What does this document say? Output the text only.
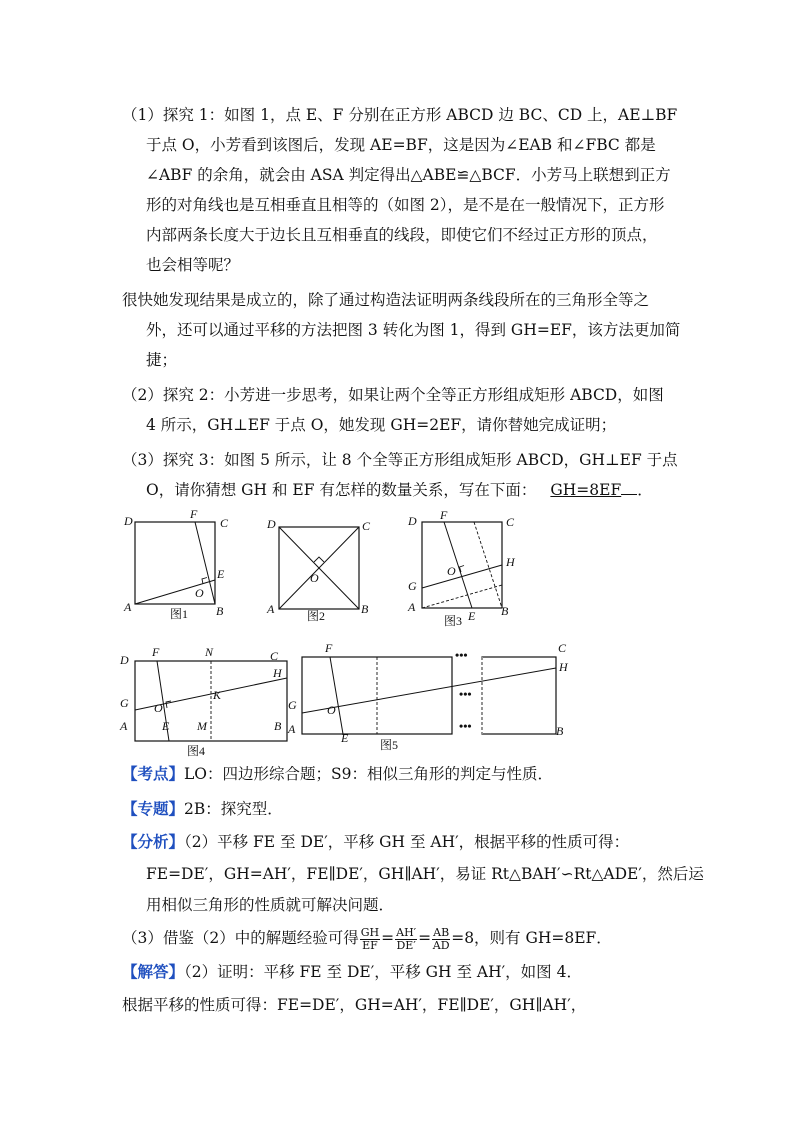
（1）探究 1：如图 1，点 E、F 分别在正方形 ABCD 边 BC、CD 上，AE⊥BF
于点 O，小芳看到该图后，发现 AE=BF，这是因为∠EAB 和∠FBC 都是
∠ABF 的余角，就会由 ASA 判定得出△ABE≌△BCF．小芳马上联想到正方
形的对角线也是互相垂直且相等的（如图 2），是不是在一般情况下，正方形
内部两条长度大于边长且互相垂直的线段，即使它们不经过正方形的顶点，
也会相等呢？
很快她发现结果是成立的，除了通过构造法证明两条线段所在的三角形全等之
外，还可以通过平移的方法把图 3 转化为图 1，得到 GH=EF，该方法更加简
捷；
（2）探究 2：小芳进一步思考，如果让两个全等正方形组成矩形 ABCD，如图
4 所示，GH⊥EF 于点 O，她发现 GH=2EF，请你替她完成证明；
（3）探究 3：如图 5 所示，让 8 个全等正方形组成矩形 ABCD，GH⊥EF 于点
O，请你猜想 GH 和 EF 有怎样的数量关系，写在下面： GH=8EF ．
D	F
C
E
O
A	B
图1
D	C
O
A	B
图2
D F	C
H
O
G
A
E B
图3
D
F	N	C
H
K
G O
A	E M	B
图4
F	C
H
G	O
A
E	B
图5
•••
•••
•••
【考点】LO：四边形综合题；S9：相似三角形的判定与性质．
【专题】2B：探究型．
【分析】（2）平移 FE 至 DE′，平移 GH 至 AH′，根据平移的性质可得：
FE=DE′，GH=AH′，FE∥DE′，GH∥AH′，易证 Rt△BAH′∽Rt△ADE′，然后运
用相似三角形的性质就可解决问题．
（3）借鉴（2）中的解题经验可得 $\frac{GH}{EF} = \frac{AH'}{DE'} = \frac{AB}{AD} =8$，则有 GH=8EF．
【解答】（2）证明：平移 FE 至 DE′，平移 GH 至 AH′，如图 4．
根据平移的性质可得：FE=DE′，GH=AH′，FE∥DE′，GH∥AH′，
